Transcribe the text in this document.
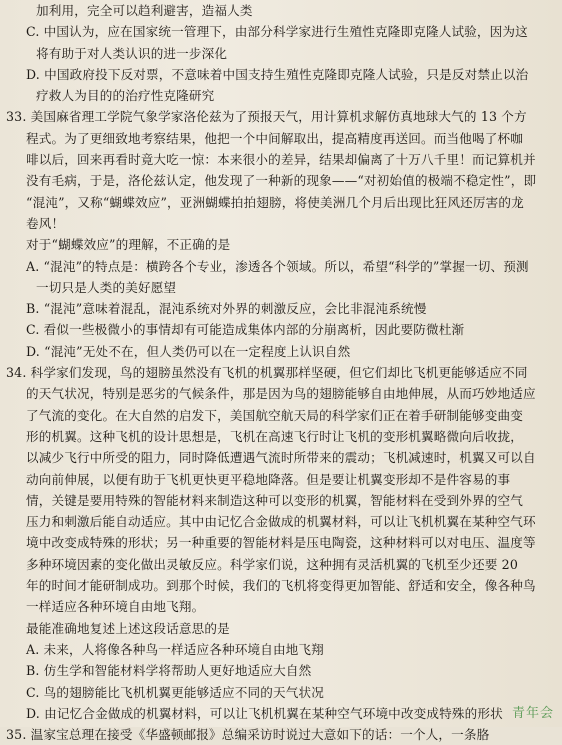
加利用，完全可以趋利避害，造福人类
C. 中国认为，应在国家统一管理下，由部分科学家进行生殖性克隆即克隆人试验，因为这
将有助于对人类认识的进一步深化
D. 中国政府投下反对票，不意味着中国支持生殖性克隆即克隆人试验，只是反对禁止以治
疗救人为目的的治疗性克隆研究
33. 美国麻省理工学院气象学家洛伦兹为了预报天气，用计算机求解仿真地球大气的 13 个方
程式。为了更细致地考察结果，他把一个中间解取出，提高精度再送回。而当他喝了杯咖
啡以后，回来再看时竟大吃一惊：本来很小的差异，结果却偏离了十万八千里！而记算机并
没有毛病，于是，洛伦兹认定，他发现了一种新的现象——“对初始值的极端不稳定性”，即
“混沌”，又称“蝴蝶效应”，亚洲蝴蝶拍拍翅膀，将使美洲几个月后出现比狂风还厉害的龙
卷风！
对于“蝴蝶效应”的理解，不正确的是
A. “混沌”的特点是：横跨各个专业，渗透各个领域。所以，希望“科学的”掌握一切、预测
一切只是人类的美好愿望
B. “混沌”意味着混乱，混沌系统对外界的刺激反应，会比非混沌系统慢
C. 看似一些极微小的事情却有可能造成集体内部的分崩离析，因此要防微杜渐
D. “混沌”无处不在，但人类仍可以在一定程度上认识自然
34. 科学家们发现，鸟的翅膀虽然没有飞机的机翼那样坚硬，但它们却比飞机更能够适应不同
的天气状况，特别是恶劣的气候条件，那是因为鸟的翅膀能够自由地伸展，从而巧妙地适应
了气流的变化。在大自然的启发下，美国航空航天局的科学家们正在着手研制能够变曲变
形的机翼。这种飞机的设计思想是，飞机在高速飞行时让飞机的变形机翼略微向后收拢，
以减少飞行中所受的阻力，同时降低遭遇气流时所带来的震动；飞机减速时，机翼又可以自
动向前伸展，以便有助于飞机更快更平稳地降落。但是要让机翼变形却不是件容易的事
情，关键是要用特殊的智能材料来制造这种可以变形的机翼，智能材料在受到外界的空气
压力和刺激后能自动适应。其中由记忆合金做成的机翼材料，可以让飞机机翼在某种空气环
境中改变成特殊的形状；另一种重要的智能材料是压电陶瓷，这种材料可以对电压、温度等
多种环境因素的变化做出灵敏反应。科学家们说，这种拥有灵活机翼的飞机至少还要 20
年的时间才能研制成功。到那个时候，我们的飞机将变得更加智能、舒适和安全，像各种鸟
一样适应各种环境自由地飞翔。
最能准确地复述上述这段话意思的是
A. 未来，人将像各种鸟一样适应各种环境自由地飞翔
B. 仿生学和智能材料学将帮助人更好地适应大自然
C. 鸟的翅膀能比飞机机翼更能够适应不同的天气状况
D. 由记忆合金做成的机翼材料，可以让飞机机翼在某种空气环境中改变成特殊的形状
35. 温家宝总理在接受《华盛顿邮报》总编采访时说过大意如下的话：一个人，一条胳
青年会
